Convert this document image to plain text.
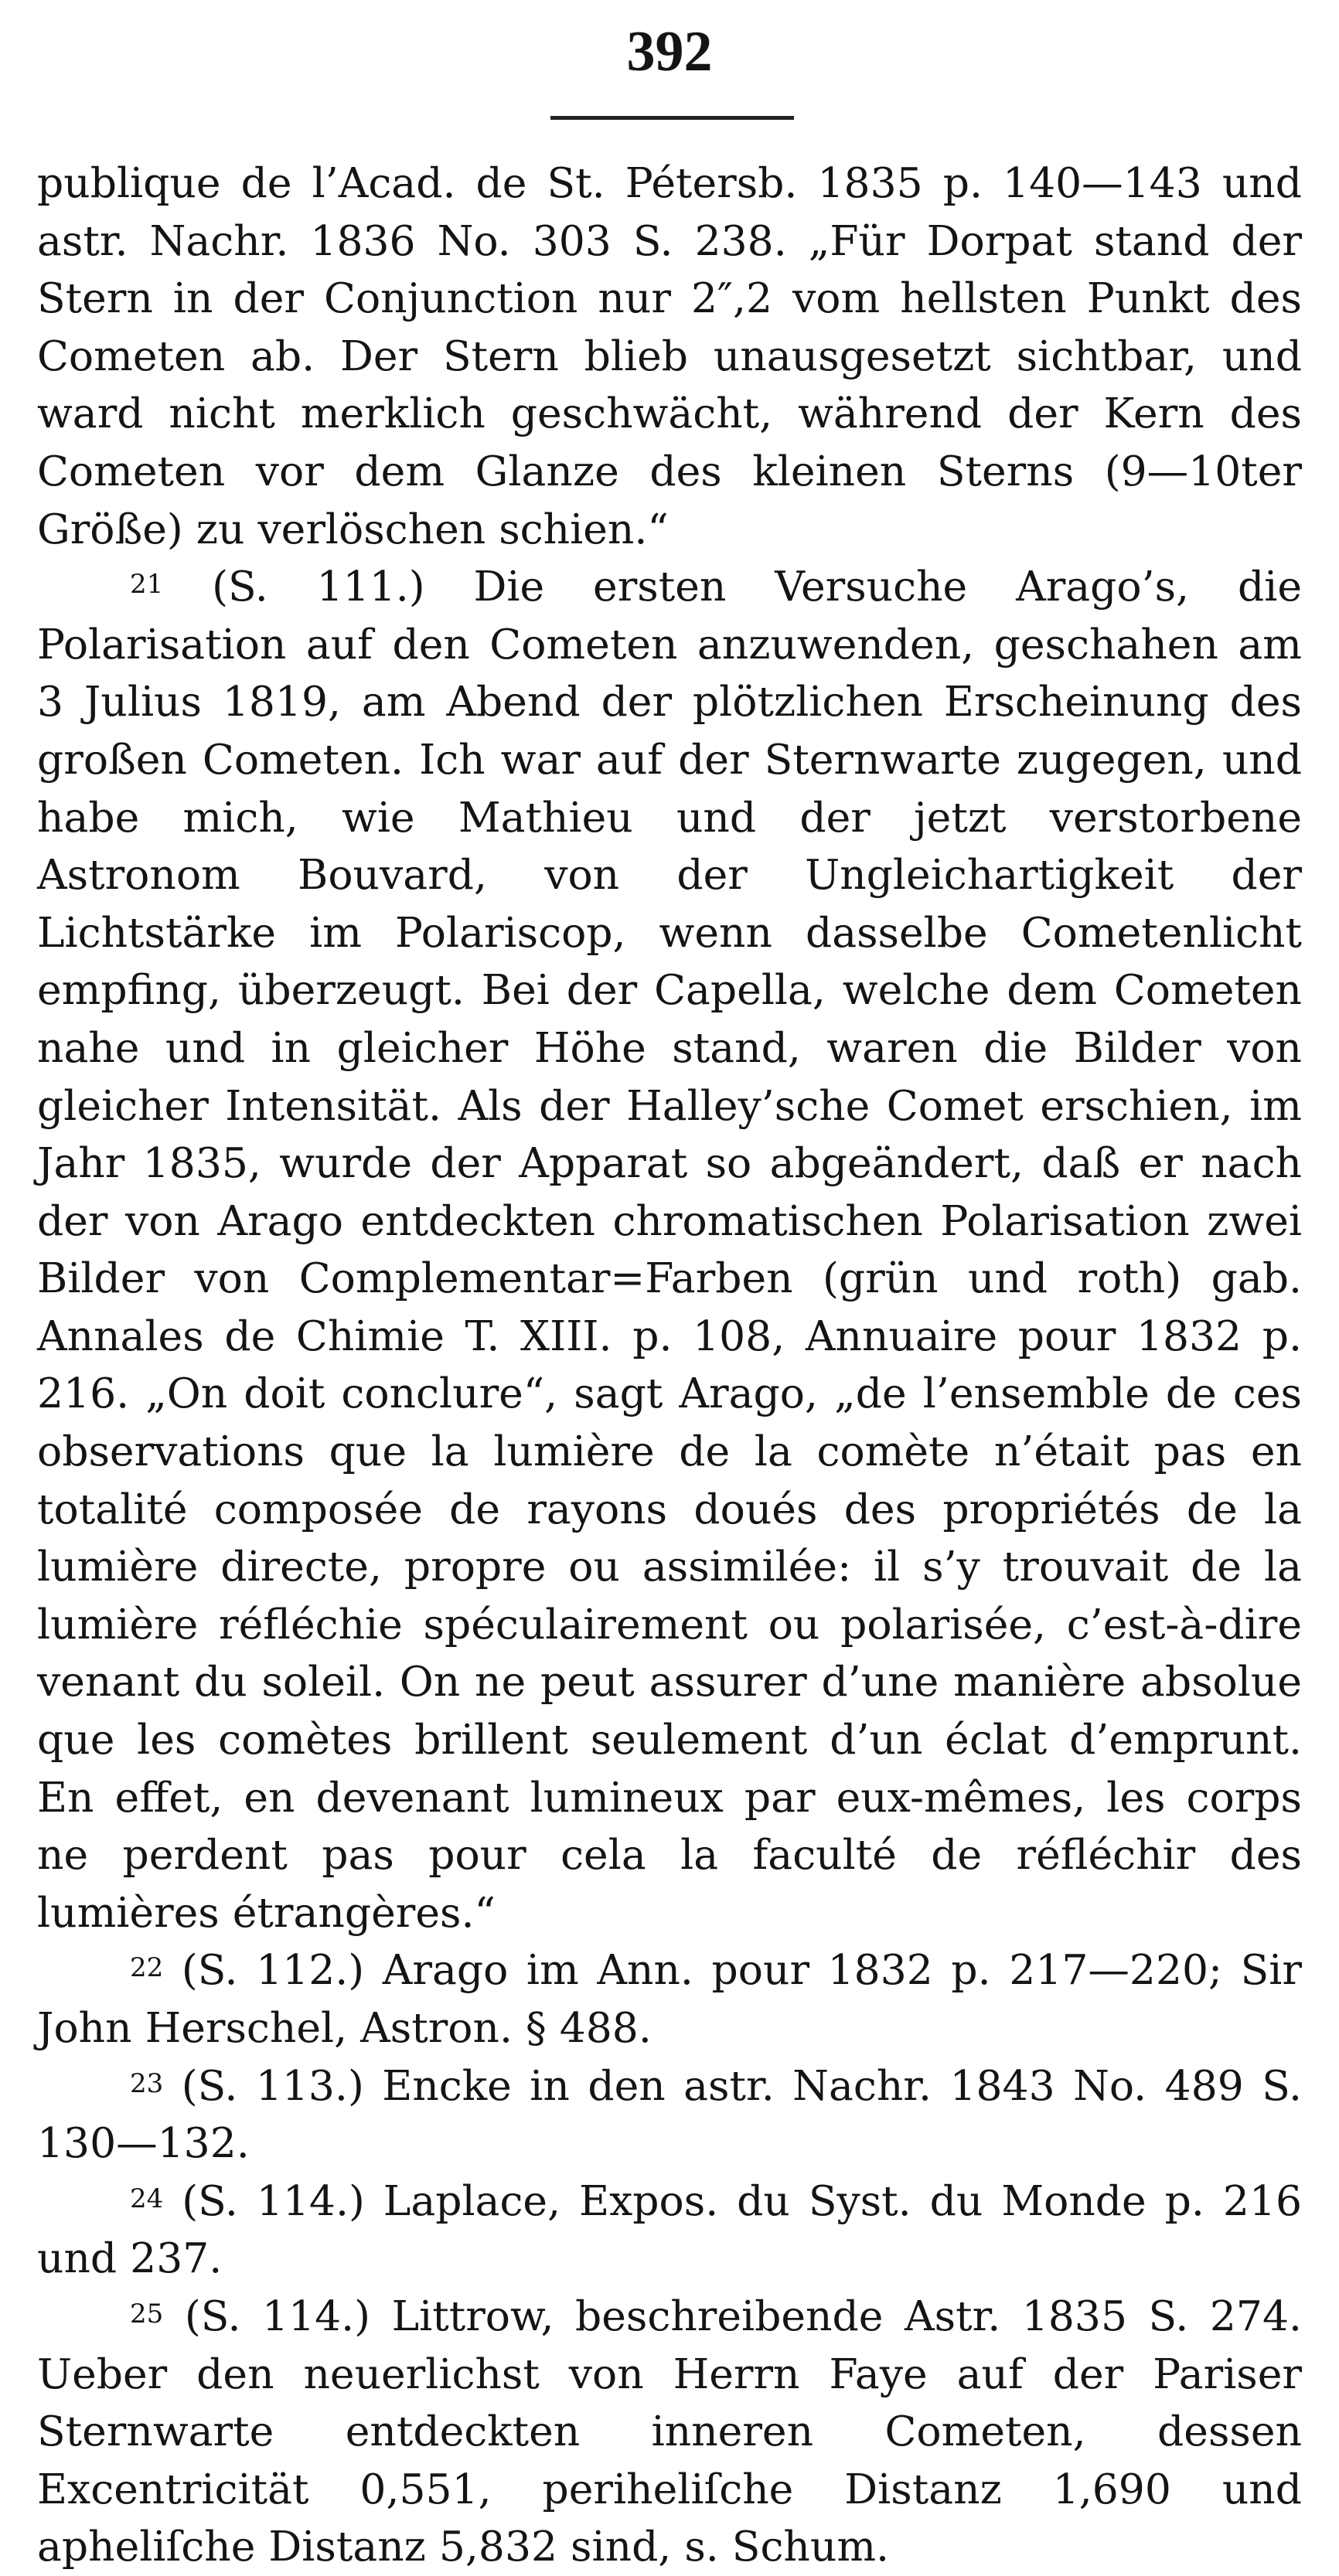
392

publique de l’Acad. de St. Pétersb. 1835 p. 140—143 und astr. Nachr. 1836 No. 303 S. 238. „Für Dorpat stand der Stern in der Conjunction nur 2″,2 vom hellsten Punkt des Cometen ab. Der Stern blieb unausgesetzt sichtbar, und ward nicht merklich geschwächt, während der Kern des Cometen vor dem Glanze des kleinen Sterns (9—10ter Größe) zu verlöschen schien.“

21 (S. 111.) Die ersten Versuche Arago’s, die Polarisation auf den Cometen anzuwenden, geschahen am 3 Julius 1819, am Abend der plötzlichen Erscheinung des großen Cometen. Ich war auf der Sternwarte zugegen, und habe mich, wie Mathieu und der jetzt verstorbene Astronom Bouvard, von der Ungleichartigkeit der Lichtstärke im Polariscop, wenn dasselbe Cometenlicht empfing, überzeugt. Bei der Capella, welche dem Cometen nahe und in gleicher Höhe stand, waren die Bilder von gleicher Intensität. Als der Halley’sche Comet erschien, im Jahr 1835, wurde der Apparat so abgeändert, daß er nach der von Arago entdeckten chromatischen Polarisation zwei Bilder von Complementar=Farben (grün und roth) gab. Annales de Chimie T. XIII. p. 108, Annuaire pour 1832 p. 216. „On doit conclure“, sagt Arago, „de l’ensemble de ces observations que la lumière de la comète n’était pas en totalité composée de rayons doués des propriétés de la lumière directe, propre ou assimilée: il s’y trouvait de la lumière réfléchie spéculairement ou polarisée, c’est-à-dire venant du soleil. On ne peut assurer d’une manière absolue que les comètes brillent seulement d’un éclat d’emprunt. En effet, en devenant lumineux par eux-mêmes, les corps ne perdent pas pour cela la faculté de réfléchir des lumières étrangères.“

22 (S. 112.) Arago im Ann. pour 1832 p. 217—220; Sir John Herschel, Astron. § 488.

23 (S. 113.) Encke in den astr. Nachr. 1843 No. 489 S. 130—132.

24 (S. 114.) Laplace, Expos. du Syst. du Monde p. 216 und 237.

25 (S. 114.) Littrow, beschreibende Astr. 1835 S. 274. Ueber den neuerlichst von Herrn Faye auf der Pariser Sternwarte entdeckten inneren Cometen, dessen Excentricität 0,551, periheliſche Distanz 1,690 und apheliſche Distanz 5,832 sind, s. Schum.
